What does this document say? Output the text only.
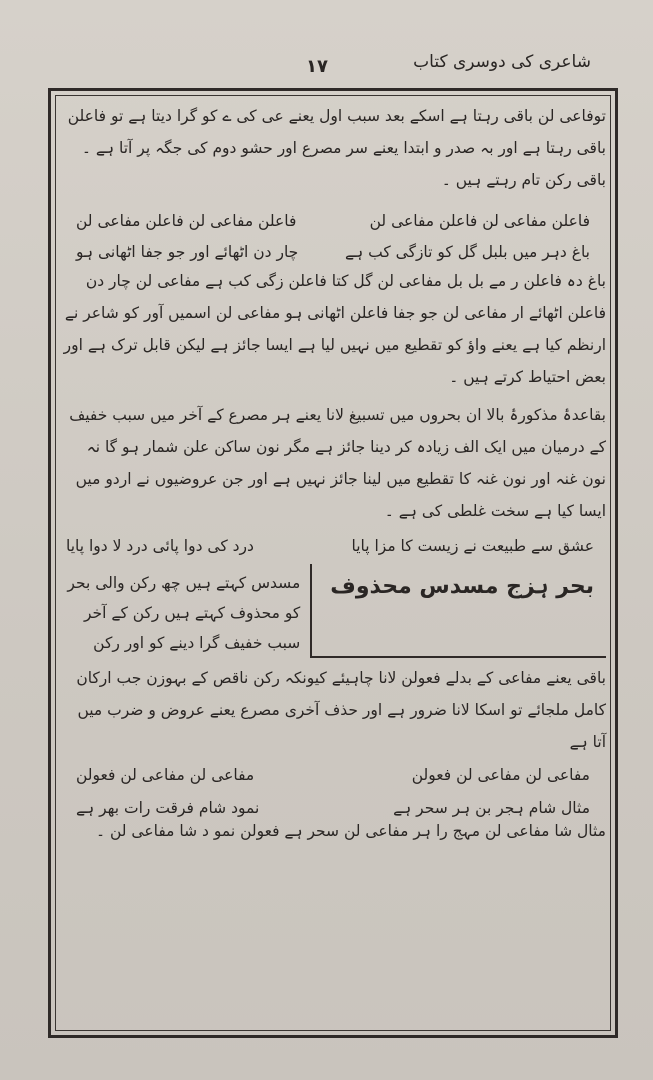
شاعری کی دوسری کتاب
۱۷

توفاعی لن باقی رہتا ہے اسکے بعد سبب اول یعنے عی کی ے کو گرا دیتا ہے تو فاعلن باقی رہتا ہے اور بہ صدر و ابتدا یعنے سر مصرع اور حشو دوم کی جگہ پر آتا ہے ۔ باقی رکن تام رہتے ہیں ۔

فاعلن مفاعی لن فاعلن مفاعی لن
فاعلن مفاعی لن فاعلن مفاعی لن
باغ دہر میں بلبل گل کو تازگی کب ہے
چار دن اٹھائے اور جو جفا اٹھانی ہو

باغ دہ فاعلن ر مے بل بل مفاعی لن گل کتا فاعلن زگی کب ہے مفاعی لن چار دن فاعلن اٹھائے ار مفاعی لن جو جفا فاعلن اٹھانی ہو مفاعی لن اسمیں آور کو شاعر نے ارنظم کیا ہے یعنے واؤ کو تقطیع میں نہیں لیا ہے ایسا جائز ہے لیکن قابل ترک ہے اور بعض احتیاط کرتے ہیں ۔

بقاعدۂ مذکورۂ بالا ان بحروں میں تسبیغ لانا یعنے ہر مصرع کے آخر میں سبب خفیف کے درمیان میں ایک الف زیادہ کر دینا جائز ہے مگر نون ساکن علن شمار ہو گا نہ نون غنہ اور نون غنہ کا تقطیع میں لینا جائز نہیں ہے اور جن عروضیوں نے اردو میں ایسا کیا ہے سخت غلطی کی ہے ۔

عشق سے طبیعت نے زیست کا مزا پایا
درد کی دوا پائی درد لا دوا پایا
بحر ہزج مسدس محذوف
مسدس کہتے ہیں چھ رکن والی بحر کو محذوف کہتے ہیں رکن کے آخر سبب خفیف گرا دینے کو اور رکن

باقی یعنے مفاعی کے بدلے فعولن لانا چاہیئے کیونکہ رکن ناقص کے بہوزن جب ارکان کامل ملجائے تو اسکا لانا ضرور ہے اور حذف آخری مصرع یعنے عروض و ضرب میں آتا ہے

مفاعی لن مفاعی لن فعولن
مفاعی لن مفاعی لن فعولن
مثال شام ہجر بن ہر سحر ہے
نمود شام فرقت رات بھر ہے

مثال شا مفاعی لن مہج را ہر مفاعی لن سحر ہے فعولن نمو د شا مفاعی لن ۔
